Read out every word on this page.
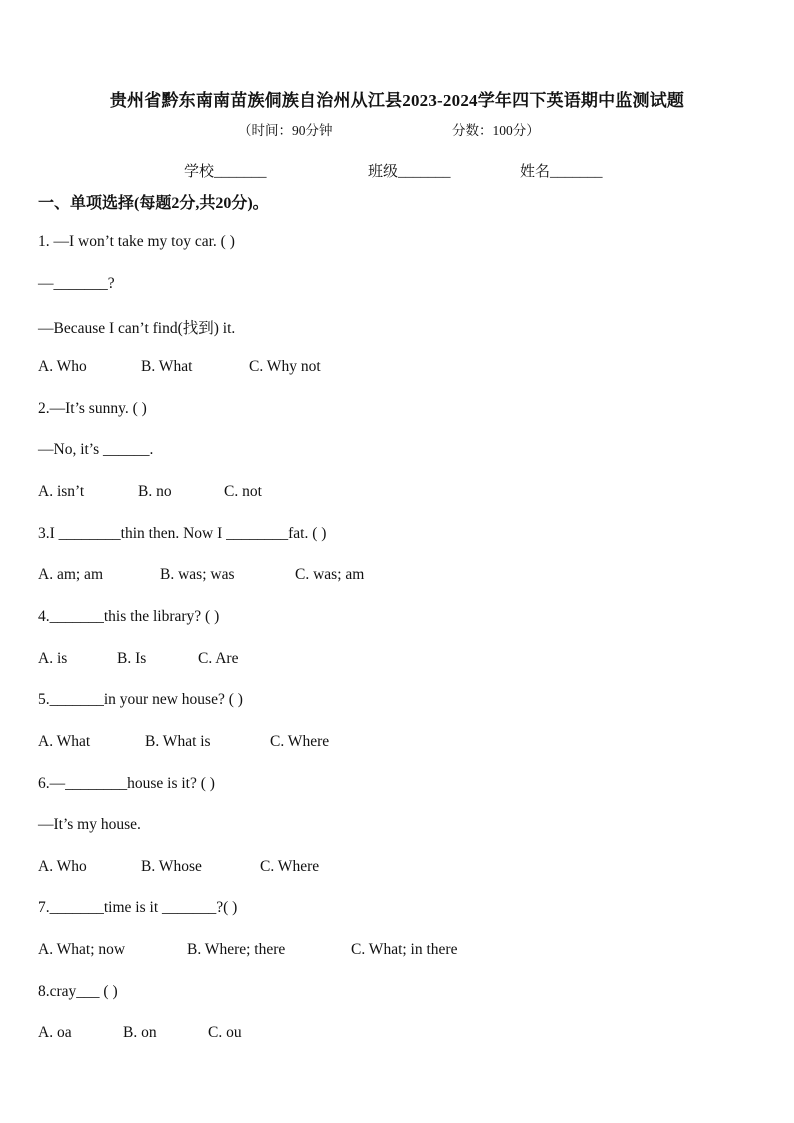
贵州省黔东南南苗族侗族自治州从江县2023-2024学年四下英语期中监测试题
（时间：90分钟	分数：100分）
学校_______	班级_______	姓名_______
一、单项选择(每题2分,共20分)。
1. —I won’t take my toy car. ( )
—_______?
—Because I can’t find(找到) it.
A. Who	B. What	C. Why not
2.—It’s sunny. ( )
—No, it’s ______.
A. isn’t	B. no	C. not
3.I ________thin then. Now I ________fat. ( )
A. am; am	B. was; was	C. was; am
4._______this the library? ( )
A. is	B. Is	C. Are
5._______in your new house? ( )
A. What	B. What is	C. Where
6.—________house is it? ( )
—It’s my house.
A. Who	B. Whose	C. Where
7._______time is it _______?( )
A. What; now	B. Where; there	C. What; in there
8.cray___ ( )
A. oa	B. on	C. ou
